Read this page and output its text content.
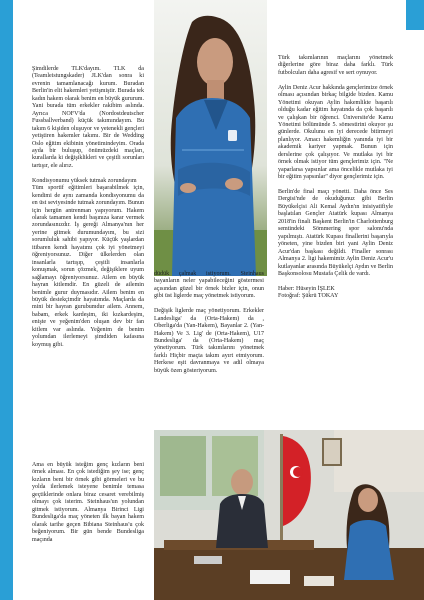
Şimdilerde TLK'dayım. TLK da (Teamleistungskader) JLK'dan sonra ki evrenin tamamlanacağı kurum. Buradan Berlin'in elit hakemleri yetişmiştir. Burada tek kadın hakem olarak benim en büyük gururum. Yani burada tüm erkekler rakibim aslında. Ayrıca NOFV'da (Nordostdeutscher Fussballverband) küçük takımındayım. Bu takım 6 kişiden oluşuyor ve yetenekli gençleri yetiştiren hakemler takımı. Bir de Wedding Oslo eğitim ekibinin yönetimindeyim. Orada ayda bir buluşup, önümüzdeki maçları, kurallarda ki değişiklikleri ve çeşitli sorunları tartışır, ele alırız.

Kondisyonumu yüksek tutmak zorundayım
Tüm sportif eğitimleri başarabilmek için, kendimi de aynı zamanda kondisyonumu da en üst seviyesinde tutmak zorundayım. Bunun için hergün antrenman yapıyorum. Hakem olarak tamamen kendi başınıza karar vermek zorundasınızdır. İş gereği Almanya'nın her yerine gitmek durumundayım, bu sizi sorumluluk sahibi yapıyor. Küçük yaşlardan itibaren kendi hayatımı çok iyi yönetmeyi öğreniyorsunuz. Diğer ülkelerden olan insanlarla tartışıp, çeşitli insanlarla konuşmak, sorun çözmek, değişiklere uyum sağlamayı öğreniyorsunuz. Ailem en büyük hayran kitlemdir. En güzeli de ailemin benimle gurur duymasıdır. Ailem benim en büyük destekçimdir hayatımda. Maçlarda da mini bir hayran gurubumdur ailem. Annem, babam, erkek kardeşim, iki kızkardeşim, enişte ve yeğenim'den oluşan dev bir fan kitlem var aslında. Yeğenim de benim yolumdan ilerlemeyi şimdiden kafasına koymuş gibi.

Ama en büyük isteğim genç kızların beni örnek alması. En çok istediğim şey ise; genç kızların beni bir örnek gibi görmeleri ve bu yolda ilerlemek isteyene benimle temasa geçtiklerinde onlara biraz cesaret verebilmiş olmayı çok isterim. Steinhaus'un yolundan gitmek istiyorum. Almanya Birinci Ligi Bundesliga'da maç yöneten ilk bayan hakem olarak tarihe geçen Bibiana Steinhaus'u çok beğeniyorum. Bir gün bende Bundesliga maçında

düdük çalmak istiyorum. Steinhaus bayanların neler yapabileceğini göstermesi açısından güzel bir örnek bizler için, onun gibi üst liglerde maç yönetmek istiyorum.

Değişik liglerde maç yönetiyorum. Erkekler Landesliga' da (Orta-Hakem) da , Oberliga'da (Yan-Hakem), Bayanlar 2. (Yan-Hakem) Ve 3. Lig' de (Orta-Hakem), U17 Bundesliga' da (Orta-Hakem) maç yönetiyorum. Türk takımlarını yönetmek farklı Hiçbir maçta takım ayırt etmiyorum. Herkese eşit davranmaya ve adil olmaya büyük özen gösteriyorum.

Türk takımlarının maçlarını yönetmek diğerlerine göre biraz daha farklı. Türk futbolcuları daha agresif ve sert oynuyor.

Aylin Deniz Acur hakkında gençlerimize örnek olması açısından birkaç bilgide bizden. Kamu Yönetimi okuyan Aylin hakemlikte başarılı olduğu kadar eğitim hayatında da çok başarılı ve çalışkan bir öğrenci. Üniversite'de Kamu Yönetimi bölümünde 5. sömestirini okuyor şu günlerde. Okulunu en iyi derecede bitirmeyi planlıyor. Amacı hakemliğin yanında iyi bir akademik kariyer yapmak. Bunun için derslerine çok çalışıyor. Ve mutlaka iyi bir örnek olmak istiyor tüm gençlerimiz için. "Ne yaparlarsa yapsınlar ama öncelikle mutlaka iyi bir eğitim yapsınlar" diyor gençlerimiz için.

Berlin'de final maçı yönetti. Daha önce Ses Dergisi'nde de okuduğunuz gibi Berlin Büyükelçisi Ali Kemal Aydın'ın inisiyatifiyle başlatılan Gençler Atatürk kupası Almanya 2018'in finali Başkent Berlin'in Charlottenburg semtindeki Sömmering spor salonu'nda yapılmıştı. Atatürk Kupası finallerini başarıyla yöneten, yine bizden biri yani Aylin Deniz Acur'dan başkası değildi. Finaller sonrası Almanya 2. ligi hakemimiz Aylin Deniz Acur'u kutlayanlar arasında Büyükelçi Aydın ve Berlin Başkonsolosu Mustafa Çelik de vardı.

Haber: Hüseyin İŞLEK

Fotoğraf: Şükrü TOKAY
